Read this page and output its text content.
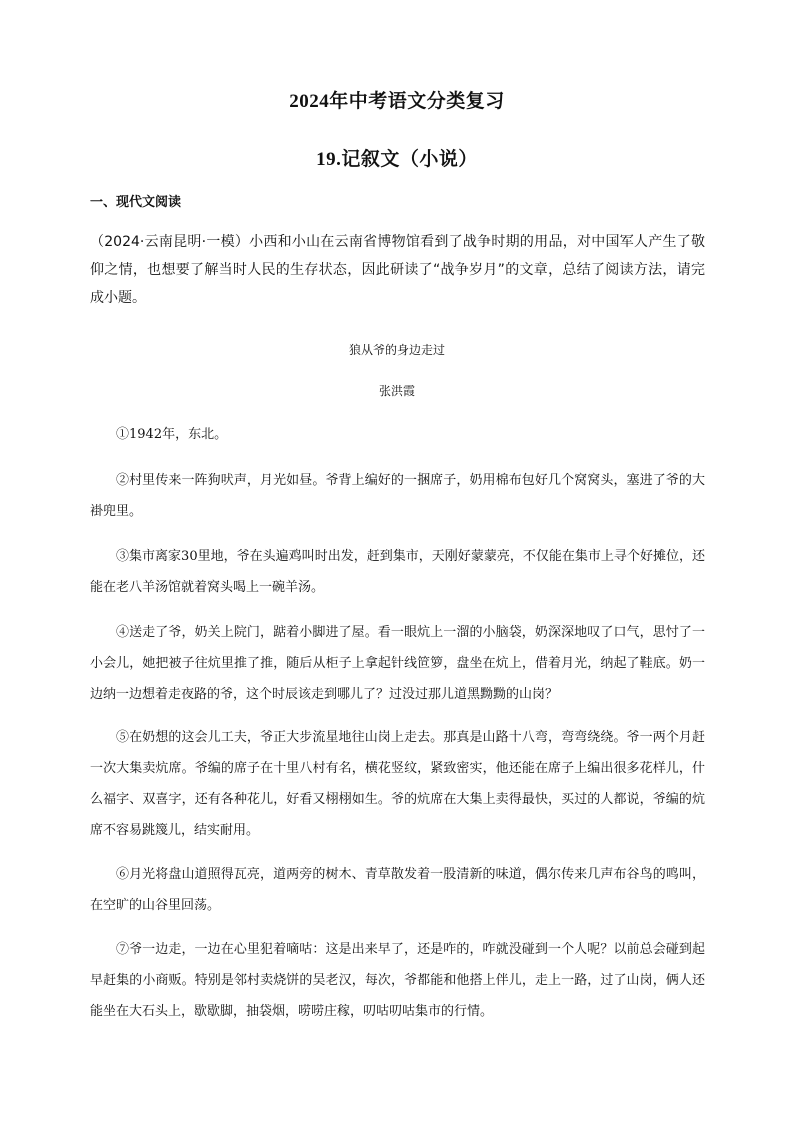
2024年中考语文分类复习
19.记叙文（小说）
一、现代文阅读
（2024·云南昆明·一模）小西和小山在云南省博物馆看到了战争时期的用品，对中国军人产生了敬仰之情，也想要了解当时人民的生存状态，因此研读了“战争岁月”的文章，总结了阅读方法，请完成小题。
狼从爷的身边走过
张洪霞
①1942年，东北。
②村里传来一阵狗吠声，月光如昼。爷背上编好的一捆席子，奶用棉布包好几个窝窝头，塞进了爷的大褂兜里。
③集市离家30里地，爷在头遍鸡叫时出发，赶到集市，天刚好蒙蒙亮，不仅能在集市上寻个好摊位，还能在老八羊汤馆就着窝头喝上一碗羊汤。
④送走了爷，奶关上院门，踮着小脚进了屋。看一眼炕上一溜的小脑袋，奶深深地叹了口气，思忖了一小会儿，她把被子往炕里推了推，随后从柜子上拿起针线笸箩，盘坐在炕上，借着月光，纳起了鞋底。奶一边纳一边想着走夜路的爷，这个时辰该走到哪儿了？过没过那儿道黑黝黝的山岗？
⑤在奶想的这会儿工夫，爷正大步流星地往山岗上走去。那真是山路十八弯，弯弯绕绕。爷一两个月赶一次大集卖炕席。爷编的席子在十里八村有名，横花竖纹，紧致密实，他还能在席子上编出很多花样儿，什么福字、双喜字，还有各种花儿，好看又栩栩如生。爷的炕席在大集上卖得最快，买过的人都说，爷编的炕席不容易跳篾儿，结实耐用。
⑥月光将盘山道照得瓦亮，道两旁的树木、青草散发着一股清新的味道，偶尔传来几声布谷鸟的鸣叫，在空旷的山谷里回荡。
⑦爷一边走，一边在心里犯着嘀咕：这是出来早了，还是咋的，咋就没碰到一个人呢？以前总会碰到起早赶集的小商贩。特别是邻村卖烧饼的吴老汉，每次，爷都能和他搭上伴儿，走上一路，过了山岗，俩人还能坐在大石头上，歇歇脚，抽袋烟，唠唠庄稼，叨咕叨咕集市的行情。
